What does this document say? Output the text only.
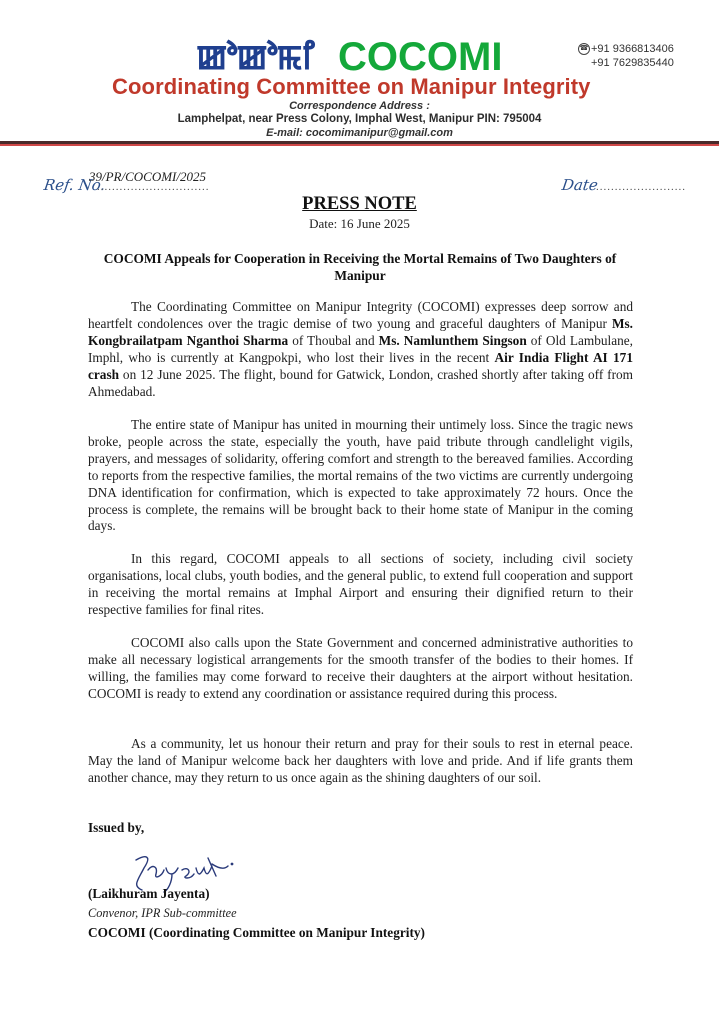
ꯀꯣꯀꯣꯃꯤ COCOMI	☎ +91 9366813406
+91 7629835440
Coordinating Committee on Manipur Integrity
Correspondence Address :
Lamphelpat, near Press Colony, Imphal West, Manipur PIN: 795004
E-mail: cocomimanipur@gmail.com
Ref. No.
..............................
39/PR/COCOMI/2025	Date
........................
PRESS NOTE
Date: 16 June 2025
COCOMI Appeals for Cooperation in Receiving the Mortal Remains of Two Daughters of Manipur
The Coordinating Committee on Manipur Integrity (COCOMI) expresses deep sorrow and heartfelt condolences over the tragic demise of two young and graceful daughters of Manipur Ms. Kongbrailatpam Nganthoi Sharma of Thoubal and Ms. Namlunthem Singson of Old Lambulane, Imphl, who is currently at Kangpokpi, who lost their lives in the recent Air India Flight AI 171 crash on 12 June 2025. The flight, bound for Gatwick, London, crashed shortly after taking off from Ahmedabad.
The entire state of Manipur has united in mourning their untimely loss. Since the tragic news broke, people across the state, especially the youth, have paid tribute through candlelight vigils, prayers, and messages of solidarity, offering comfort and strength to the bereaved families. According to reports from the respective families, the mortal remains of the two victims are currently undergoing DNA identification for confirmation, which is expected to take approximately 72 hours. Once the process is complete, the remains will be brought back to their home state of Manipur in the coming days.
In this regard, COCOMI appeals to all sections of society, including civil society organisations, local clubs, youth bodies, and the general public, to extend full cooperation and support in receiving the mortal remains at Imphal Airport and ensuring their dignified return to their respective families for final rites.
COCOMI also calls upon the State Government and concerned administrative authorities to make all necessary logistical arrangements for the smooth transfer of the bodies to their homes. If willing, the families may come forward to receive their daughters at the airport without hesitation. COCOMI is ready to extend any coordination or assistance required during this process.
As a community, let us honour their return and pray for their souls to rest in eternal peace. May the land of Manipur welcome back her daughters with love and pride. And if life grants them another chance, may they return to us once again as the shining daughters of our soil.
Issued by,
(Laikhuram Jayenta)
Convenor, IPR Sub-committee
COCOMI (Coordinating Committee on Manipur Integrity)
